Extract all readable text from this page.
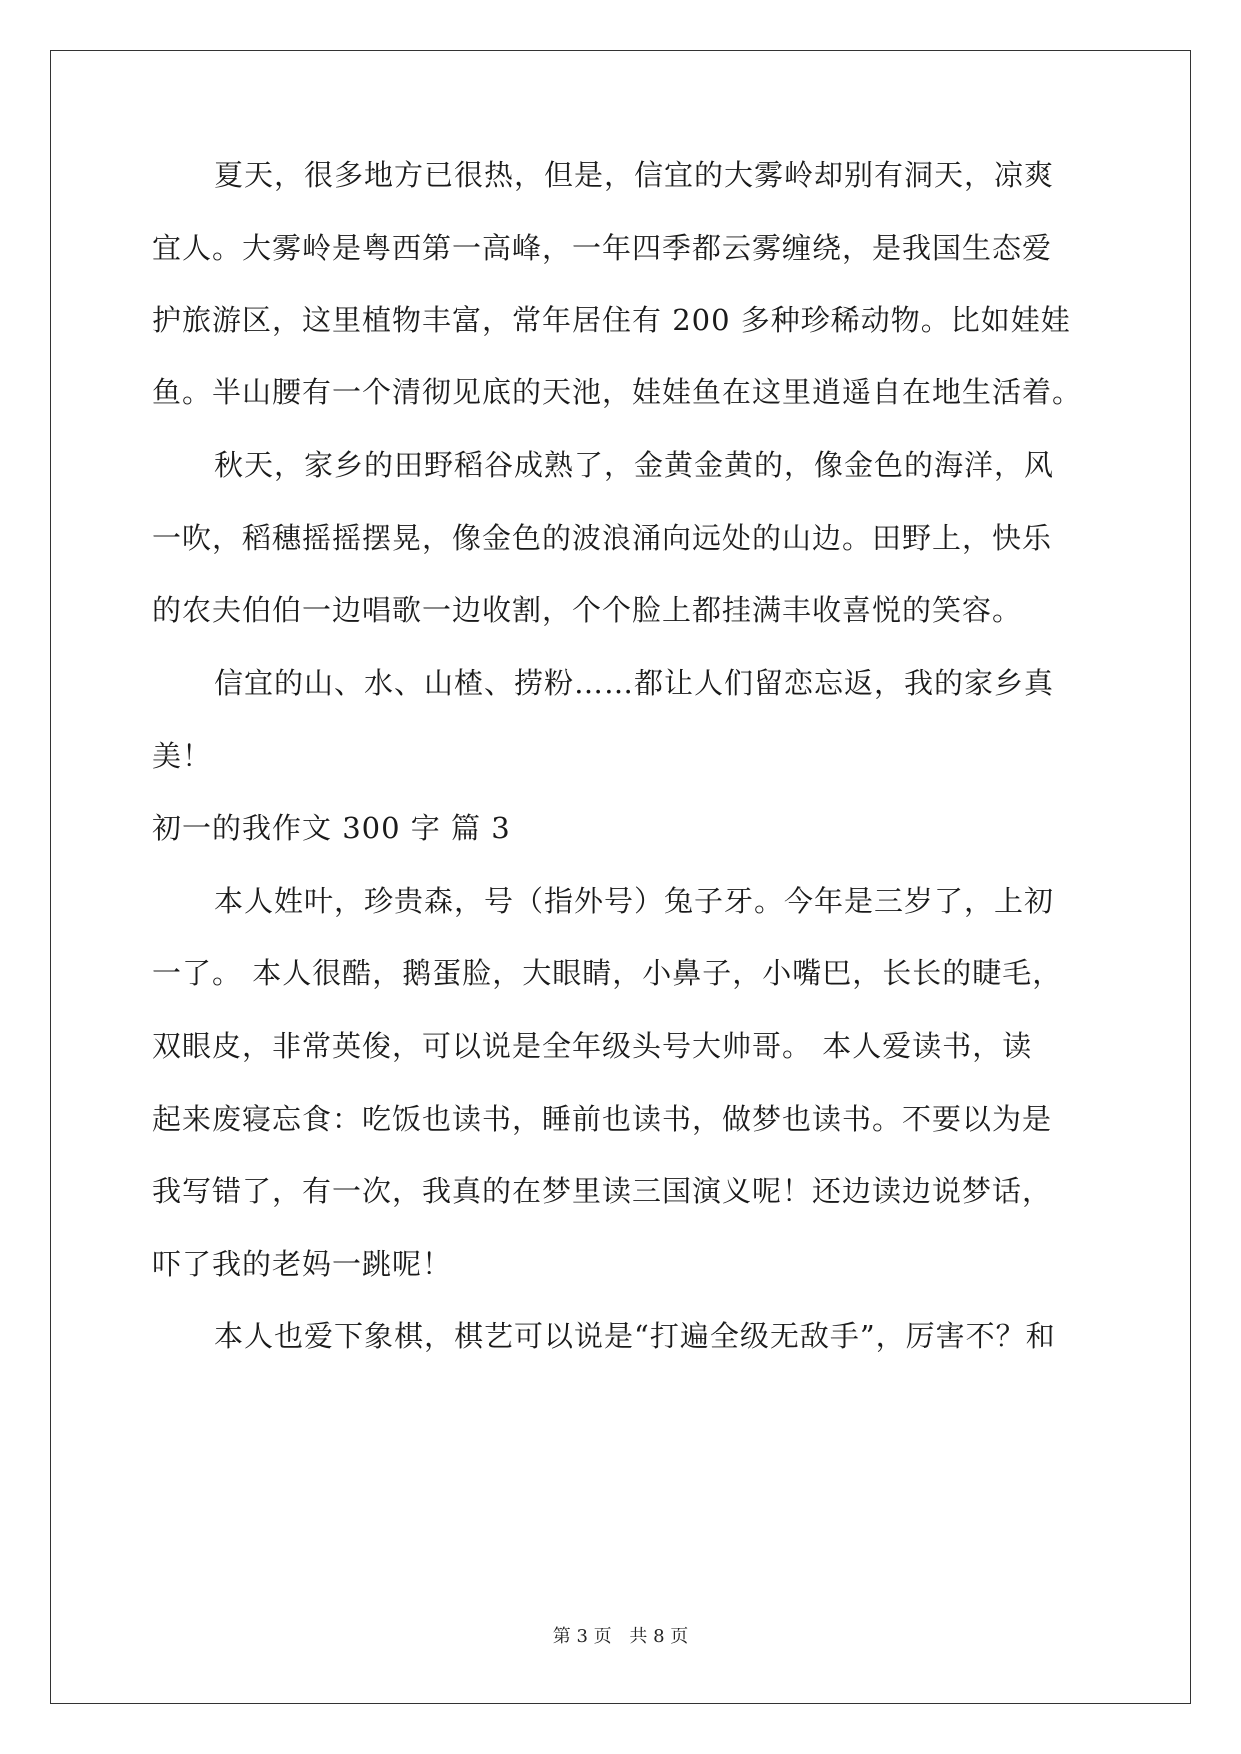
夏天，很多地方已很热，但是，信宜的大雾岭却别有洞天，凉爽
宜人。大雾岭是粤西第一高峰，一年四季都云雾缠绕，是我国生态爱
护旅游区，这里植物丰富，常年居住有 200 多种珍稀动物。比如娃娃
鱼。半山腰有一个清彻见底的天池，娃娃鱼在这里逍遥自在地生活着。
秋天，家乡的田野稻谷成熟了，金黄金黄的，像金色的海洋，风
一吹，稻穗摇摇摆晃，像金色的波浪涌向远处的山边。田野上，快乐
的农夫伯伯一边唱歌一边收割，个个脸上都挂满丰收喜悦的笑容。
信宜的山、水、山楂、捞粉……都让人们留恋忘返，我的家乡真
美！
初一的我作文 300 字 篇 3
本人姓叶，珍贵森，号（指外号）兔子牙。今年是三岁了，上初
一了。 本人很酷，鹅蛋脸，大眼睛，小鼻子，小嘴巴，长长的睫毛，
双眼皮，非常英俊，可以说是全年级头号大帅哥。 本人爱读书，读
起来废寝忘食：吃饭也读书，睡前也读书，做梦也读书。不要以为是
我写错了，有一次，我真的在梦里读三国演义呢！还边读边说梦话，
吓了我的老妈一跳呢！
本人也爱下象棋，棋艺可以说是“打遍全级无敌手”，厉害不？和
第 3 页 共 8 页
